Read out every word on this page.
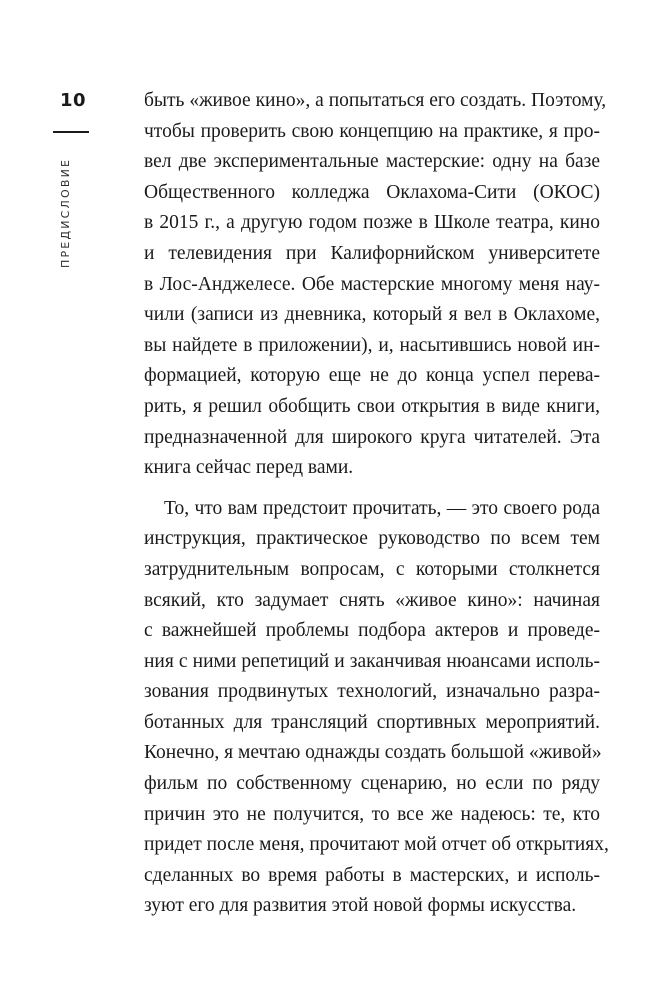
10
ПРЕДИСЛОВИЕ
быть «живое кино», а попытаться его создать. Поэтому,
чтобы проверить свою концепцию на практике, я про-
вел две экспериментальные мастерские: одну на базе
Общественного колледжа Оклахома-Сити (ОКОС)
в 2015 г., а другую годом позже в Школе театра, кино
и телевидения при Калифорнийском университете
в Лос-Анджелесе. Обе мастерские многому меня нау-
чили (записи из дневника, который я вел в Оклахоме,
вы найдете в приложении), и, насытившись новой ин-
формацией, которую еще не до конца успел перева-
рить, я решил обобщить свои открытия в виде книги,
предназначенной для широкого круга читателей. Эта
книга сейчас перед вами.
То, что вам предстоит прочитать, — это своего рода
инструкция, практическое руководство по всем тем
затруднительным вопросам, с которыми столкнется
всякий, кто задумает снять «живое кино»: начиная
с важнейшей проблемы подбора актеров и проведе-
ния с ними репетиций и заканчивая нюансами исполь-
зования продвинутых технологий, изначально разра-
ботанных для трансляций спортивных мероприятий.
Конечно, я мечтаю однажды создать большой «живой»
фильм по собственному сценарию, но если по ряду
причин это не получится, то все же надеюсь: те, кто
придет после меня, прочитают мой отчет об открытиях,
сделанных во время работы в мастерских, и исполь-
зуют его для развития этой новой формы искусства.
